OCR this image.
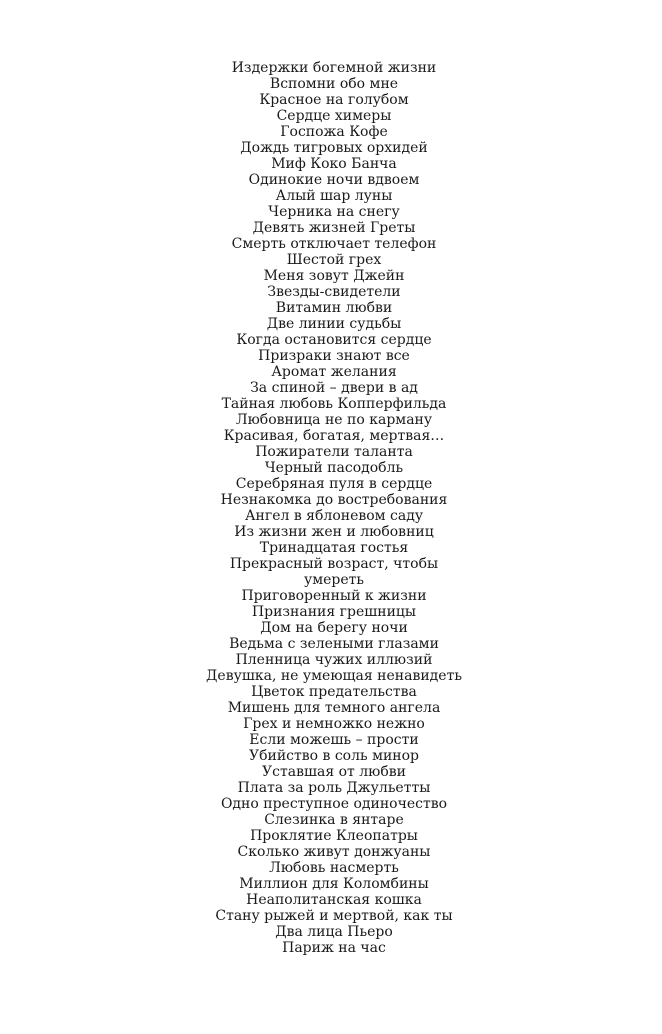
Издержки богемной жизни
Вспомни обо мне
Красное на голубом
Сердце химеры
Госпожа Кофе
Дождь тигровых орхидей
Миф Коко Банча
Одинокие ночи вдвоем
Алый шар луны
Черника на снегу
Девять жизней Греты
Смерть отключает телефон
Шестой грех
Меня зовут Джейн
Звезды-свидетели
Витамин любви
Две линии судьбы
Когда остановится сердце
Призраки знают все
Аромат желания
За спиной – двери в ад
Тайная любовь Копперфильда
Любовница не по карману
Красивая, богатая, мертвая…
Пожиратели таланта
Черный пасодобль
Серебряная пуля в сердце
Незнакомка до востребования
Ангел в яблоневом саду
Из жизни жен и любовниц
Тринадцатая гостья
Прекрасный возраст, чтобы
умереть
Приговоренный к жизни
Признания грешницы
Дом на берегу ночи
Ведьма с зелеными глазами
Пленница чужих иллюзий
Девушка, не умеющая ненавидеть
Цветок предательства
Мишень для темного ангела
Грех и немножко нежно
Если можешь – прости
Убийство в соль минор
Уставшая от любви
Плата за роль Джульетты
Одно преступное одиночество
Слезинка в янтаре
Проклятие Клеопатры
Сколько живут донжуаны
Любовь насмерть
Миллион для Коломбины
Неаполитанская кошка
Стану рыжей и мертвой, как ты
Два лица Пьеро
Париж на час
